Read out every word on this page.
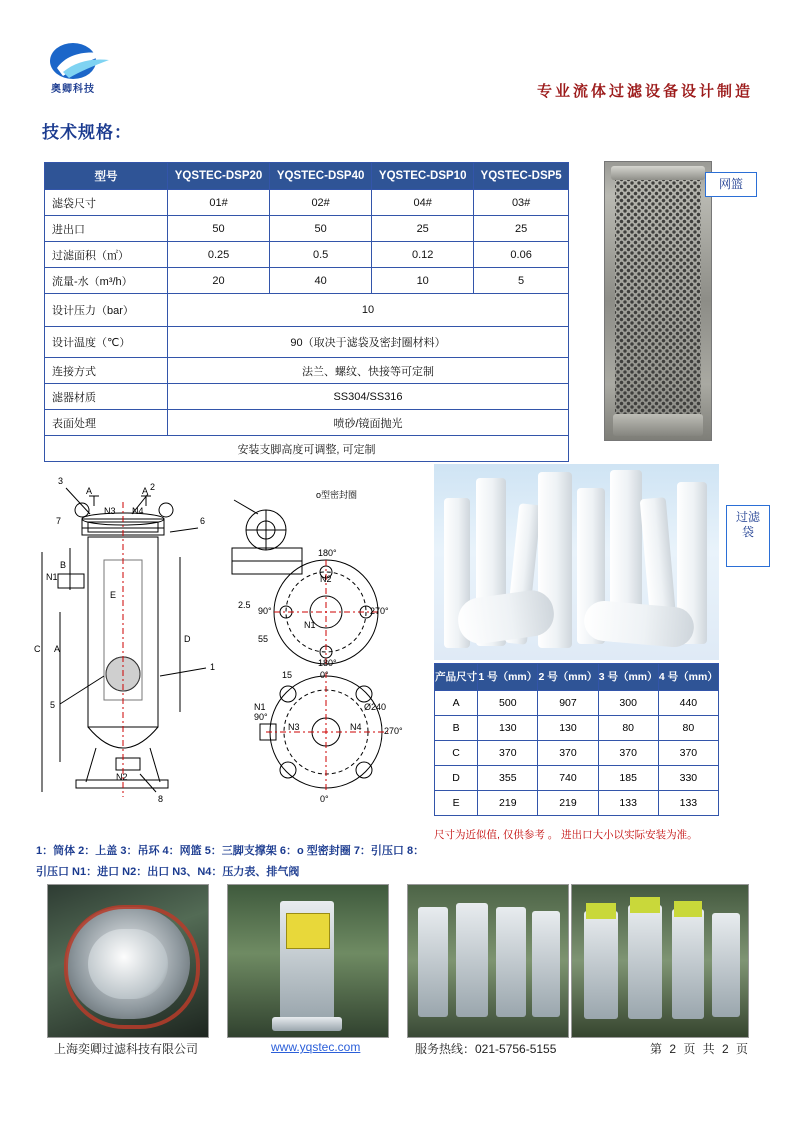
奥卿科技	专业流体过滤设备设计制造
技术规格：
型号	YQSTEC-DSP20	YQSTEC-DSP40	YQSTEC-DSP10	YQSTEC-DSP5
滤袋尺寸	01#	02#	04#	03#
进出口	50	50	25	25
过滤面积（㎡）	0.25	0.5	0.12	0.06
流量-水（m³/h）	20	40	10	5
设计压力（bar）	10			
设计温度（℃）	90（取决于滤袋及密封圈材料）			
连接方式	法兰、螺纹、快接等可定制			
滤器材质	SS304/SS316			
表面处理	喷砂/镜面抛光			
安装支脚高度可调整, 可定制				
网篮
过滤袋
3
2
6
5
1
8
7
N3 N4
N1
N2
C A
B
D
E
A	A	o型密封圈
180°
90°	270°
0°
N2
N1
55
2.5
180°
N1
90°
N3	N4 270°
0°
Ø240
15	产品尺寸	1 号（mm）	2 号（mm）	3 号（mm）	4 号（mm）
A	500	907	300	440
B	130	130	80	80
C	370	370	370	370
D	355	740	185	330
E	219	219	133	133
尺寸为近似值, 仅供参考 。 进出口大小以实际安装为准。
1：筒体 2：上盖 3：吊环 4：网篮 5：三脚支撑架 6：o 型密封圈 7：引压口 8：
引压口 N1：进口 N2：出口 N3、N4：压力表、排气阀
上海奕卿过滤科技有限公司	www.yqstec.com	服务热线：021-5756-5155	第 2 页 共 2 页
